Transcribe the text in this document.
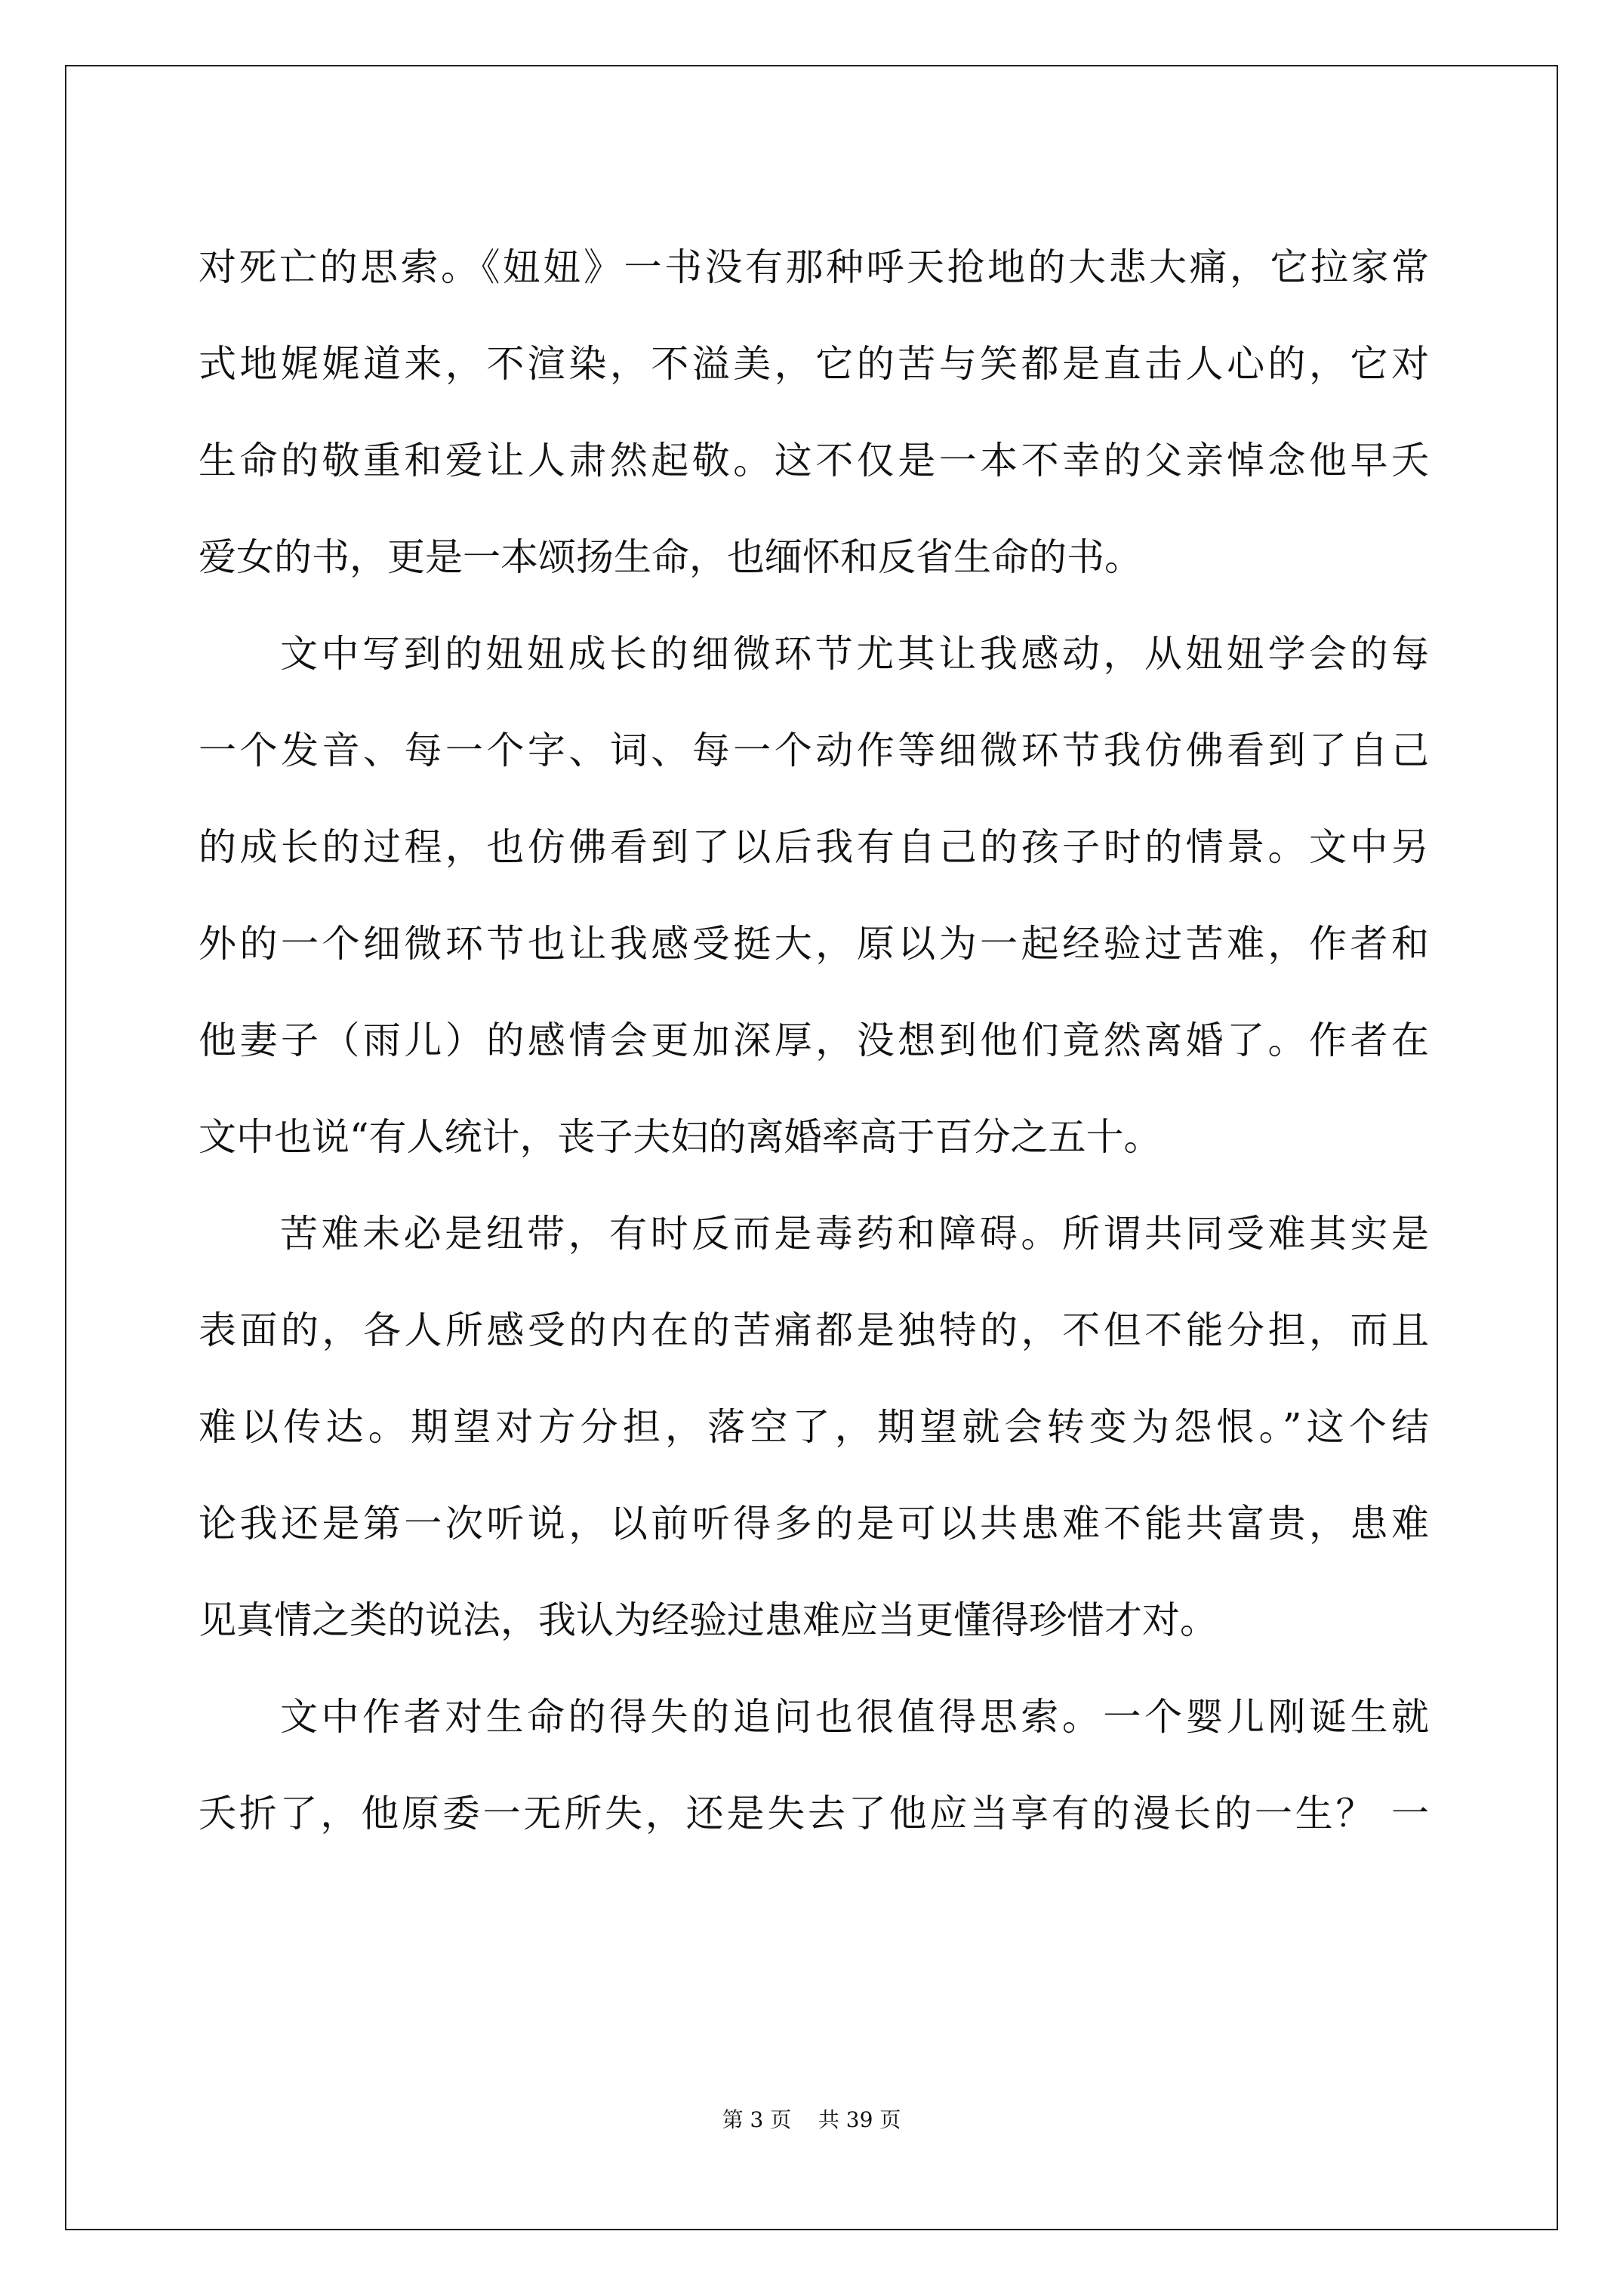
对死亡的思索。《妞妞》一书没有那种呼天抢地的大悲大痛，它拉家常
式地娓娓道来，不渲染，不溢美，它的苦与笑都是直击人心的，它对
生命的敬重和爱让人肃然起敬。这不仅是一本不幸的父亲悼念他早夭
爱女的书，更是一本颂扬生命，也缅怀和反省生命的书。
文中写到的妞妞成长的细微环节尤其让我感动，从妞妞学会的每
一个发音、每一个字、词、每一个动作等细微环节我仿佛看到了自己
的成长的过程，也仿佛看到了以后我有自己的孩子时的情景。文中另
外的一个细微环节也让我感受挺大，原以为一起经验过苦难，作者和
他妻子（雨儿）的感情会更加深厚，没想到他们竟然离婚了。作者在
文中也说“有人统计，丧子夫妇的离婚率高于百分之五十。
苦难未必是纽带，有时反而是毒药和障碍。所谓共同受难其实是
表面的，各人所感受的内在的苦痛都是独特的，不但不能分担，而且
难以传达。期望对方分担，落空了，期望就会转变为怨恨。”这个结
论我还是第一次听说，以前听得多的是可以共患难不能共富贵，患难
见真情之类的说法，我认为经验过患难应当更懂得珍惜才对。
文中作者对生命的得失的追问也很值得思索。一个婴儿刚诞生就
夭折了，他原委一无所失，还是失去了他应当享有的漫长的一生？ 一
第 3 页 共 39 页
